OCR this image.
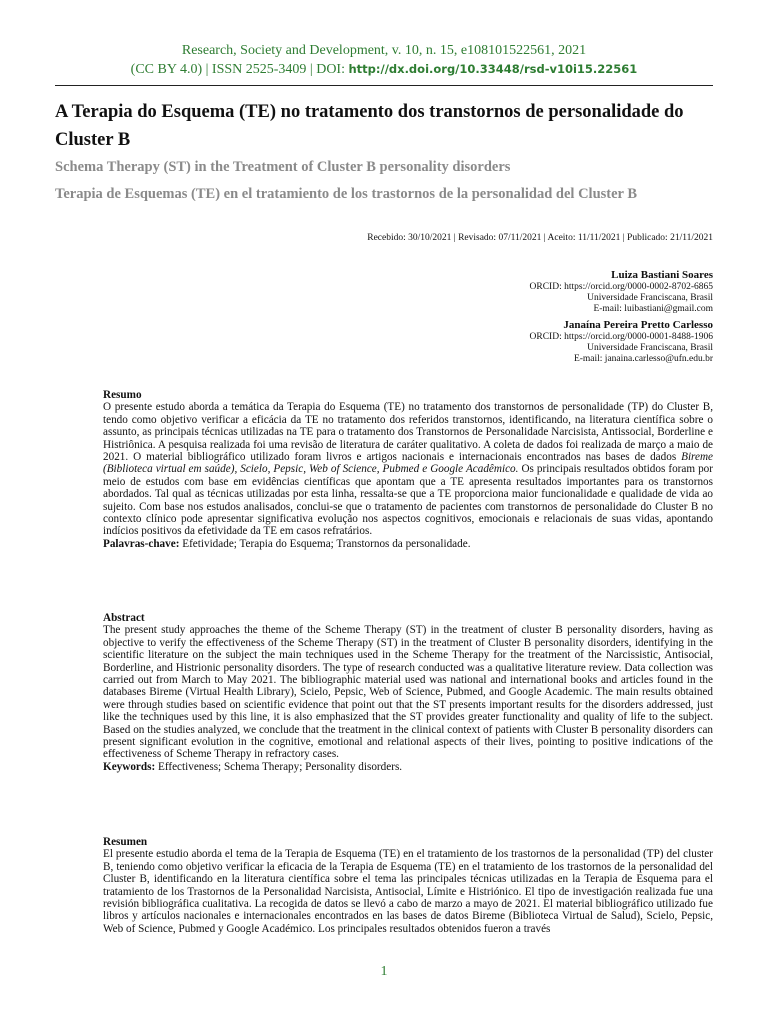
Research, Society and Development, v. 10, n. 15, e108101522561, 2021
(CC BY 4.0) | ISSN 2525-3409 | DOI: http://dx.doi.org/10.33448/rsd-v10i15.22561
A Terapia do Esquema (TE) no tratamento dos transtornos de personalidade do Cluster B
Schema Therapy (ST) in the Treatment of Cluster B personality disorders
Terapia de Esquemas (TE) en el tratamiento de los trastornos de la personalidad del Cluster B
Recebido: 30/10/2021 | Revisado: 07/11/2021 | Aceito: 11/11/2021 | Publicado: 21/11/2021
Luiza Bastiani Soares
ORCID: https://orcid.org/0000-0002-8702-6865
Universidade Franciscana, Brasil
E-mail: luibastiani@gmail.com
Janaína Pereira Pretto Carlesso
ORCID: https://orcid.org/0000-0001-8488-1906
Universidade Franciscana, Brasil
E-mail: janaina.carlesso@ufn.edu.br
Resumo
O presente estudo aborda a temática da Terapia do Esquema (TE) no tratamento dos transtornos de personalidade (TP) do Cluster B, tendo como objetivo verificar a eficácia da TE no tratamento dos referidos transtornos, identificando, na literatura científica sobre o assunto, as principais técnicas utilizadas na TE para o tratamento dos Transtornos de Personalidade Narcisista, Antissocial, Borderline e Histriônica. A pesquisa realizada foi uma revisão de literatura de caráter qualitativo. A coleta de dados foi realizada de março a maio de 2021. O material bibliográfico utilizado foram livros e artigos nacionais e internacionais encontrados nas bases de dados Bireme (Biblioteca virtual em saúde), Scielo, Pepsic, Web of Science, Pubmed e Google Acadêmico. Os principais resultados obtidos foram por meio de estudos com base em evidências científicas que apontam que a TE apresenta resultados importantes para os transtornos abordados. Tal qual as técnicas utilizadas por esta linha, ressalta-se que a TE proporciona maior funcionalidade e qualidade de vida ao sujeito. Com base nos estudos analisados, conclui-se que o tratamento de pacientes com transtornos de personalidade do Cluster B no contexto clínico pode apresentar significativa evolução nos aspectos cognitivos, emocionais e relacionais de suas vidas, apontando indícios positivos da efetividade da TE em casos refratários.
Palavras-chave: Efetividade; Terapia do Esquema; Transtornos da personalidade.
Abstract
The present study approaches the theme of the Scheme Therapy (ST) in the treatment of cluster B personality disorders, having as objective to verify the effectiveness of the Scheme Therapy (ST) in the treatment of Cluster B personality disorders, identifying in the scientific literature on the subject the main techniques used in the Scheme Therapy for the treatment of the Narcissistic, Antisocial, Borderline, and Histrionic personality disorders. The type of research conducted was a qualitative literature review. Data collection was carried out from March to May 2021. The bibliographic material used was national and international books and articles found in the databases Bireme (Virtual Health Library), Scielo, Pepsic, Web of Science, Pubmed, and Google Academic. The main results obtained were through studies based on scientific evidence that point out that the ST presents important results for the disorders addressed, just like the techniques used by this line, it is also emphasized that the ST provides greater functionality and quality of life to the subject. Based on the studies analyzed, we conclude that the treatment in the clinical context of patients with Cluster B personality disorders can present significant evolution in the cognitive, emotional and relational aspects of their lives, pointing to positive indications of the effectiveness of Scheme Therapy in refractory cases.
Keywords: Effectiveness; Schema Therapy; Personality disorders.
Resumen
El presente estudio aborda el tema de la Terapia de Esquema (TE) en el tratamiento de los trastornos de la personalidad (TP) del cluster B, teniendo como objetivo verificar la eficacia de la Terapia de Esquema (TE) en el tratamiento de los trastornos de la personalidad del Cluster B, identificando en la literatura científica sobre el tema las principales técnicas utilizadas en la Terapia de Esquema para el tratamiento de los Trastornos de la Personalidad Narcisista, Antisocial, Límite e Histriónico. El tipo de investigación realizada fue una revisión bibliográfica cualitativa. La recogida de datos se llevó a cabo de marzo a mayo de 2021. El material bibliográfico utilizado fue libros y artículos nacionales e internacionales encontrados en las bases de datos Bireme (Biblioteca Virtual de Salud), Scielo, Pepsic, Web of Science, Pubmed y Google Académico. Los principales resultados obtenidos fueron a través
1
